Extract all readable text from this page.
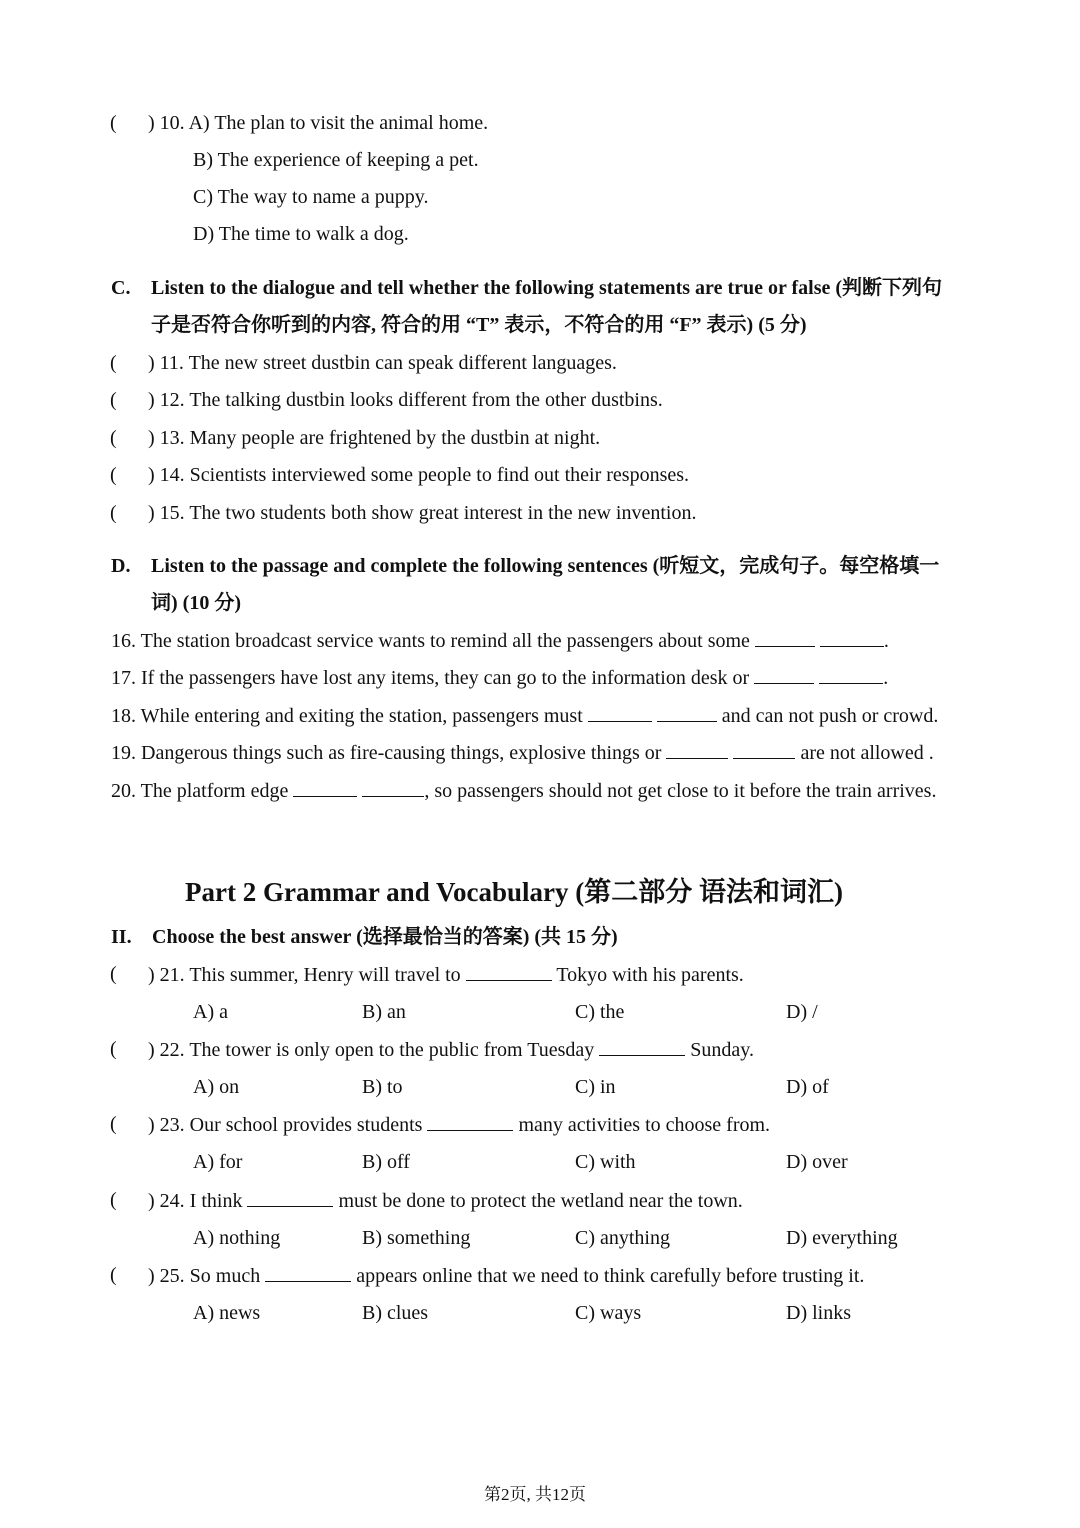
( ) 10. A) The plan to visit the animal home.
B) The experience of keeping a pet.
C) The way to name a puppy.
D) The time to walk a dog.
C. Listen to the dialogue and tell whether the following statements are true or false (判断下列句
子是否符合你听到的内容, 符合的用 “T” 表示，不符合的用 “F” 表示) (5 分)
( ) 11. The new street dustbin can speak different languages.
( ) 12. The talking dustbin looks different from the other dustbins.
( ) 13. Many people are frightened by the dustbin at night.
( ) 14. Scientists interviewed some people to find out their responses.
( ) 15. The two students both show great interest in the new invention.
D. Listen to the passage and complete the following sentences (听短文，完成句子。每空格填一
词) (10 分)
16. The station broadcast service wants to remind all the passengers about some	.
17. If the passengers have lost any items, they can go to the information desk or	.
18. While entering and exiting the station, passengers must	and can not push or crowd.
19. Dangerous things such as fire-causing things, explosive things or	are not allowed .
20. The platform edge	, so passengers should not get close to it before the train arrives.
Part 2 Grammar and Vocabulary (第二部分 语法和词汇)
II. Choose the best answer (选择最恰当的答案) (共 15 分)
( ) 21. This summer, Henry will travel to	Tokyo with his parents.
A) a	B) an	C) the	D) /
( ) 22. The tower is only open to the public from Tuesday	Sunday.
A) on	B) to	C) in	D) of
( ) 23. Our school provides students	many activities to choose from.
A) for	B) off	C) with	D) over
( ) 24. I think	must be done to protect the wetland near the town.
A) nothing	B) something	C) anything	D) everything
( ) 25. So much	appears online that we need to think carefully before trusting it.
A) news	B) clues	C) ways	D) links
第2页, 共12页
